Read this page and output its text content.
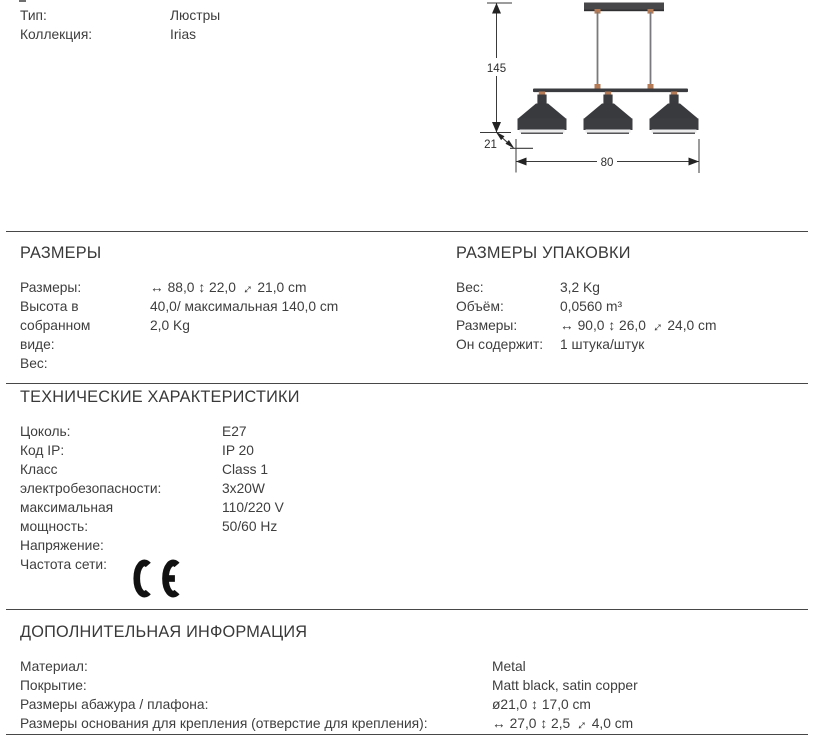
Тип:
Коллекция:
Люстры
Irias
145
21
80
РАЗМЕРЫ
Размеры:
Высота в собранном виде:
Вес:
↔ 88,0 ↕ 22,0 ↔ 21,0 cm
40,0/ максимальная 140,0 cm
2,0 Kg
РАЗМЕРЫ УПАКОВКИ
Вес:
Объём:
Размеры:
Он содержит:
3,2 Kg
0,0560 m³
↔ 90,0 ↕ 26,0 ↔ 24,0 cm
1 штука/штук
ТЕХНИЧЕСКИЕ ХАРАКТЕРИСТИКИ
Цоколь:
Код IP:
Класс электробезопасности:
максимальная мощность:
Напряжение:
Частота сети:
E27
IP 20
Class 1
3x20W
110/220 V
50/60 Hz
ДОПОЛНИТЕЛЬНАЯ ИНФОРМАЦИЯ
Материал:
Покрытие:
Размеры абажура / плафона:
Размеры основания для крепления (отверстие для крепления):
Metal
Matt black, satin copper
ø21,0 ↕ 17,0 cm
↔ 27,0 ↕ 2,5 ↔ 4,0 cm
